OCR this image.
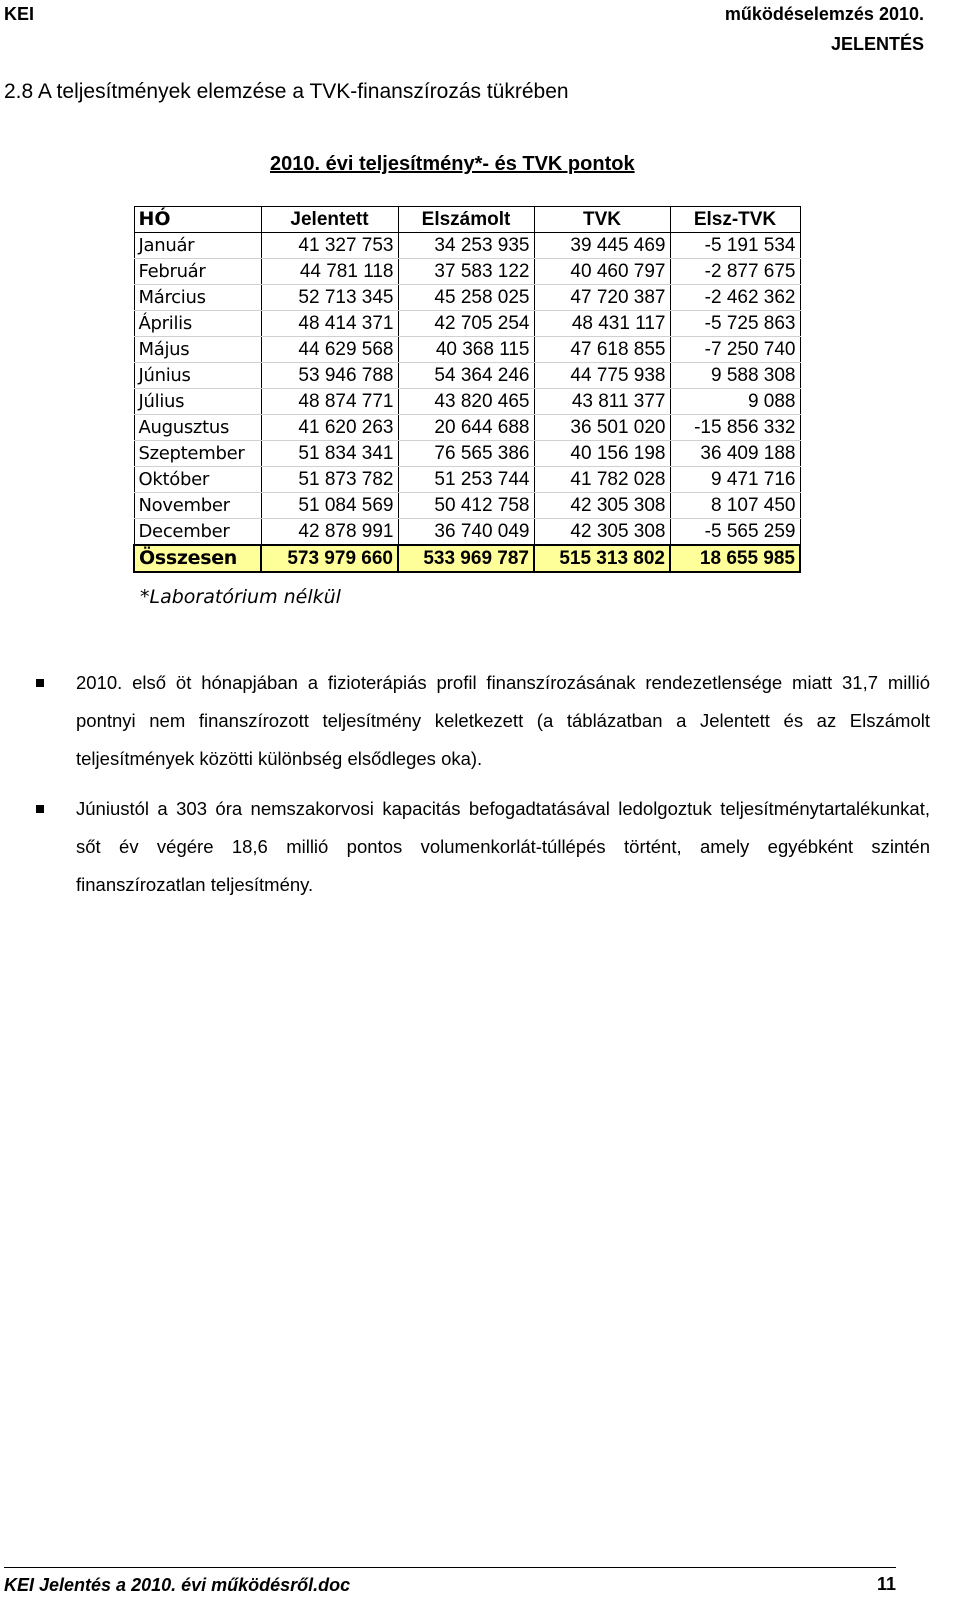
KEI	működéselemzés 2010.
JELENTÉS
2.8 A teljesítmények elemzése a TVK-finanszírozás tükrében
2010. évi teljesítmény*- és TVK pontok
HÓ	Jelentett	Elszámolt	TVK	Elsz-TVK
Január	41 327 753	34 253 935	39 445 469	-5 191 534
Február	44 781 118	37 583 122	40 460 797	-2 877 675
Március	52 713 345	45 258 025	47 720 387	-2 462 362
Április	48 414 371	42 705 254	48 431 117	-5 725 863
Május	44 629 568	40 368 115	47 618 855	-7 250 740
Június	53 946 788	54 364 246	44 775 938	9 588 308
Július	48 874 771	43 820 465	43 811 377	9 088
Augusztus	41 620 263	20 644 688	36 501 020	-15 856 332
Szeptember	51 834 341	76 565 386	40 156 198	36 409 188
Október	51 873 782	51 253 744	41 782 028	9 471 716
November	51 084 569	50 412 758	42 305 308	8 107 450
December	42 878 991	36 740 049	42 305 308	-5 565 259
Összesen	573 979 660	533 969 787	515 313 802	18 655 985
*Laboratórium nélkül
2010. első öt hónapjában a fizioterápiás profil finanszírozásának rendezetlensége miatt 31,7 millió pontnyi nem finanszírozott teljesítmény keletkezett (a táblázatban a Jelentett és az Elszámolt teljesítmények közötti különbség elsődleges oka).
Júniustól a 303 óra nemszakorvosi kapacitás befogadtatásával ledolgoztuk teljesítménytartalékunkat, sőt év végére 18,6 millió pontos volumenkorlát-túllépés történt, amely egyébként szintén finanszírozatlan teljesítmény.
KEI Jelentés a 2010. évi működésről.doc	11
